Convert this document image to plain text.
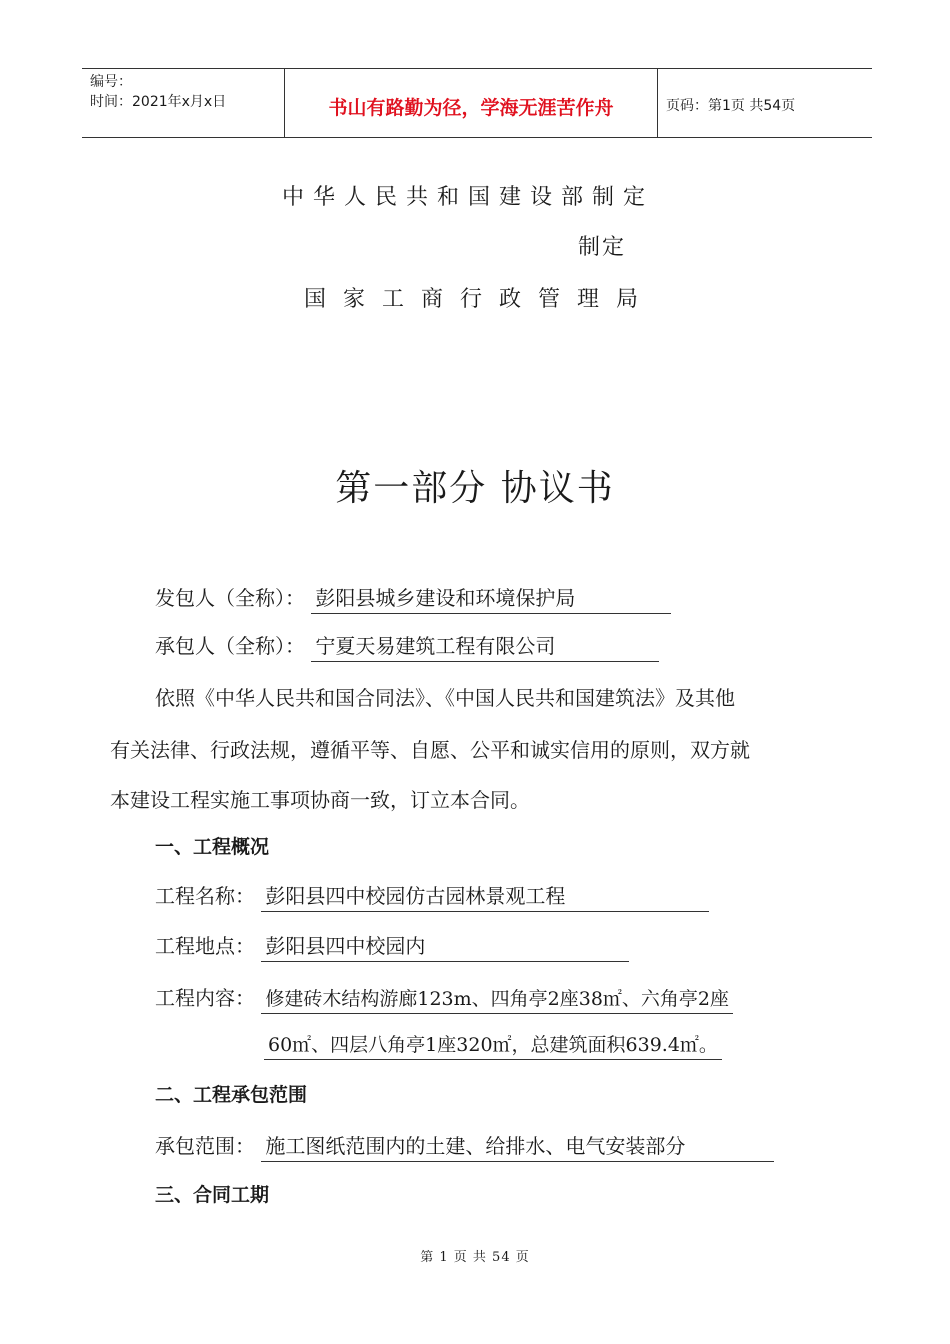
编号：
时间：2021年x月x日	书山有路勤为径，学海无涯苦作舟	页码：第1页 共54页
中华人民共和国建设部制定
制定
国家工商行政管理局
第一部分 协议书
发包人（全称）： 彭阳县城乡建设和环境保护局
承包人（全称）： 宁夏天易建筑工程有限公司
依照《中华人民共和国合同法》、《中国人民共和国建筑法》及其他
有关法律、行政法规，遵循平等、自愿、公平和诚实信用的原则，双方就
本建设工程实施工事项协商一致，订立本合同。
一、工程概况
工程名称： 彭阳县四中校园仿古园林景观工程
工程地点： 彭阳县四中校园内
工程内容： 修建砖木结构游廊123m、四角亭2座38㎡、六角亭2座
60㎡、四层八角亭1座320㎡，总建筑面积639.4㎡。
二、工程承包范围
承包范围： 施工图纸范围内的土建、给排水、电气安装部分
三、合同工期
第 1 页 共 54 页
